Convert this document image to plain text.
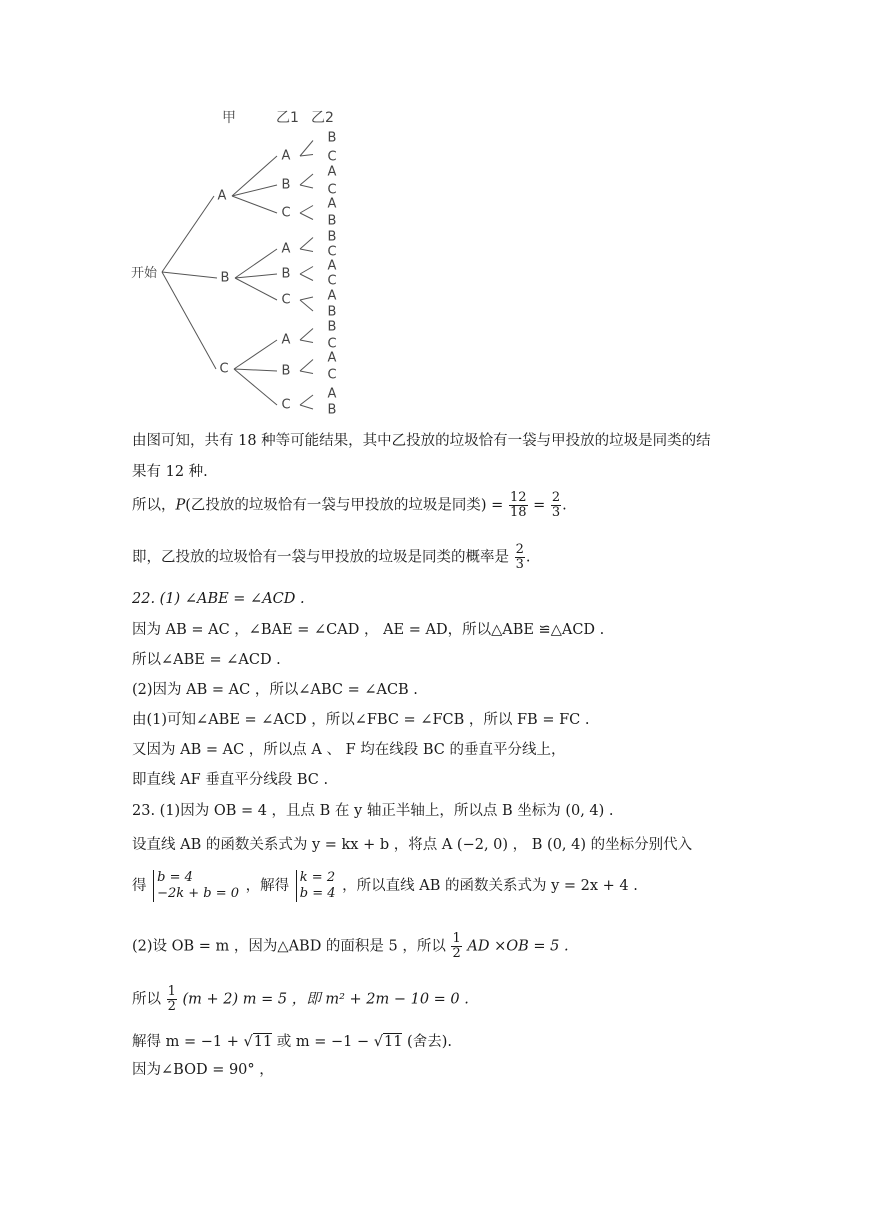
甲	乙1 乙2
开始
A
B
C
A
B
C
B
A
C
C
A
B
A
B
C
B
A
C
C	A
B
A
B
C
B
A
C
C
A
B
由图可知，共有 18 种等可能结果，其中乙投放的垃圾恰有一袋与甲投放的垃圾是同类的结
果有 12 种.
所以，P(乙投放的垃圾恰有一袋与甲投放的垃圾是同类) = $\frac{12}{18} = \frac{2}{3}$ .
即，乙投放的垃圾恰有一袋与甲投放的垃圾是同类的概率是 $\frac{2}{3}$ .
22. (1) ∠ABE = ∠ACD .
因为 AB = AC ，∠BAE = ∠CAD ， AE = AD，所以△ABE ≌△ACD .
所以∠ABE = ∠ACD .
(2)因为 AB = AC ，所以∠ABC = ∠ACB .
由(1)可知∠ABE = ∠ACD ，所以∠FBC = ∠FCB ，所以 FB = FC .
又因为 AB = AC ，所以点 A 、 F 均在线段 BC 的垂直平分线上，
即直线 AF 垂直平分线段 BC .
23. (1)因为 OB = 4 ，且点 B 在 y 轴正半轴上，所以点 B 坐标为 (0, 4) .
设直线 AB 的函数关系式为 y = kx + b ，将点 A (−2, 0) ， B (0, 4) 的坐标分别代入
得
b = 4
−2k + b = 0 ，解得
k = 2
b = 4 ，所以直线 AB 的函数关系式为 y = 2x + 4 .
(2)设 OB = m ，因为△ABD 的面积是 5 ，所以 $\frac{1}{2}$ AD ×OB = 5 .
所以 $\frac{1}{2} (m + 2) m = 5$ ，即 m² + 2m − 10 = 0 .
解得 m = −1 + √11 或 m = −1 − √11 (舍去).
因为∠BOD = 90° ，
